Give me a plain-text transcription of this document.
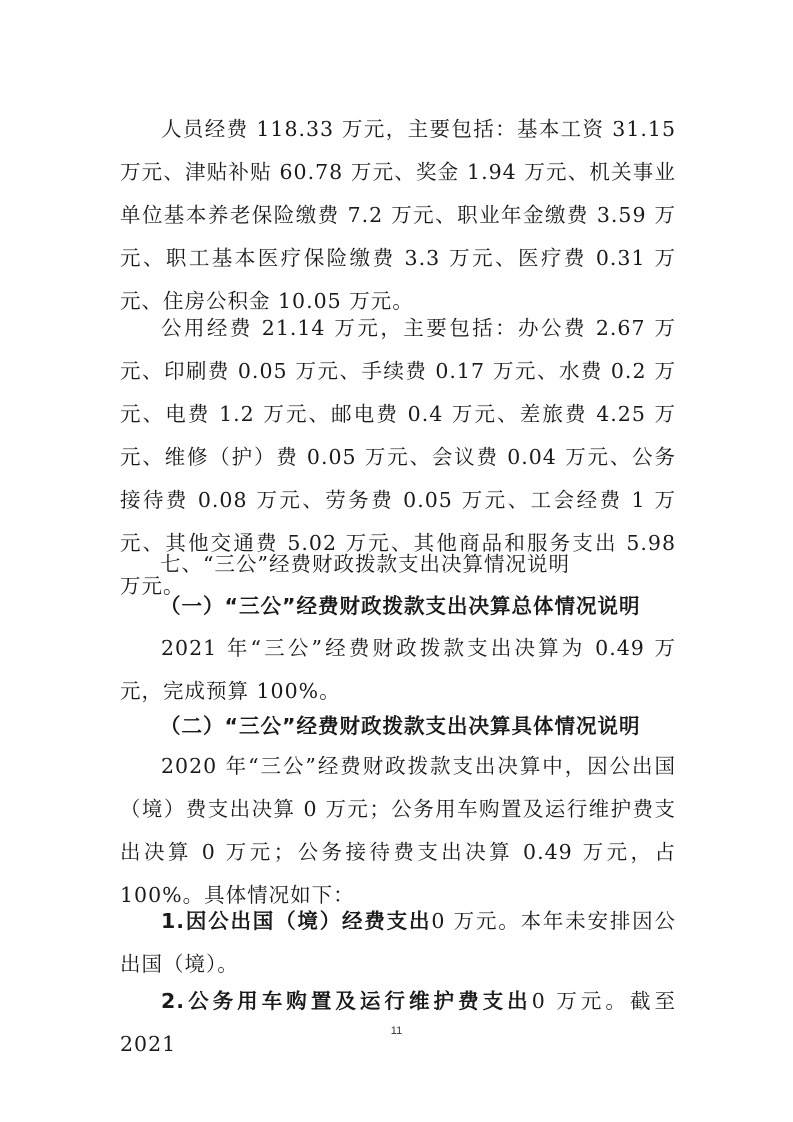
人员经费 118.33 万元，主要包括：基本工资 31.15 万元、津贴补贴 60.78 万元、奖金 1.94 万元、机关事业单位基本养老保险缴费 7.2 万元、职业年金缴费 3.59 万元、职工基本医疗保险缴费 3.3 万元、医疗费 0.31 万元、住房公积金 10.05 万元。

公用经费 21.14 万元，主要包括：办公费 2.67 万元、印刷费 0.05 万元、手续费 0.17 万元、水费 0.2 万元、电费 1.2 万元、邮电费 0.4 万元、差旅费 4.25 万元、维修（护）费 0.05 万元、会议费 0.04 万元、公务接待费 0.08 万元、劳务费 0.05 万元、工会经费 1 万元、其他交通费 5.02 万元、其他商品和服务支出 5.98 万元。

七、“三公”经费财政拨款支出决算情况说明
（一）“三公”经费财政拨款支出决算总体情况说明

2021 年“三公”经费财政拨款支出决算为 0.49 万元，完成预算 100%。

（二）“三公”经费财政拨款支出决算具体情况说明

2020 年“三公”经费财政拨款支出决算中，因公出国（境）费支出决算 0 万元；公务用车购置及运行维护费支出决算 0 万元；公务接待费支出决算 0.49 万元，占 100%。具体情况如下：

1.因公出国（境）经费支出0 万元。本年未安排因公出国（境）。

2.公务用车购置及运行维护费支出0 万元。截至 2021

11
